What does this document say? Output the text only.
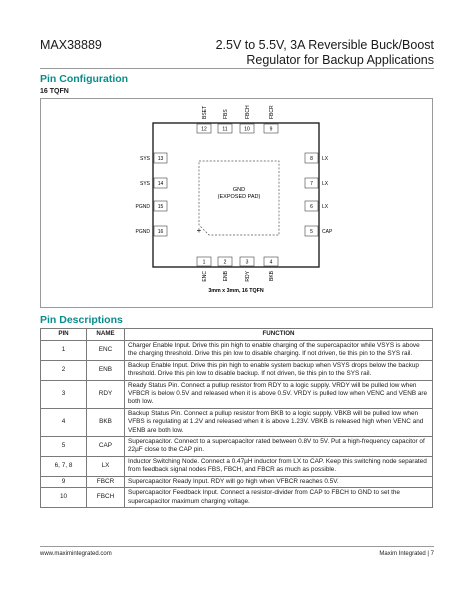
MAX38889	2.5V to 5.5V, 3A Reversible Buck/Boost Regulator for Backup Applications
Pin Configuration
16 TQFN
GND
(EXPOSED PAD)
+
12
BSET
11
FBS
10
FBCH
9
FBCR
1
ENC
2
ENB
3
RDY
4
BKB
13
SYS
14
SYS
15
PGND
16
PGND
8 LX
7 LX
6 LX
5 CAP
3mm x 3mm, 16 TQFN
Pin Descriptions
PIN	NAME	FUNCTION
1	ENC	Charger Enable Input. Drive this pin high to enable charging of the supercapacitor while VSYS is above the charging threshold. Drive this pin low to disable charging. If not driven, tie this pin to the SYS rail.
2	ENB	Backup Enable Input. Drive this pin high to enable system backup when VSYS drops below the backup threshold. Drive this pin low to disable backup. If not driven, tie this pin to the SYS rail.
3	RDY	Ready Status Pin. Connect a pullup resistor from RDY to a logic supply. VRDY will be pulled low when VFBCR is below 0.5V and released when it is above 0.5V. VRDY is pulled low when VENC and VENB are both low.
4	BKB	Backup Status Pin. Connect a pullup resistor from BKB to a logic supply. VBKB will be pulled low when VFBS is regulating at 1.2V and released when it is above 1.23V. VBKB is released high when VENC and VENB are both low.
5	CAP	Supercapacitor. Connect to a supercapacitor rated between 0.8V to 5V. Put a high-frequency capacitor of 22µF close to the CAP pin.
6, 7, 8	LX	Inductor Switching Node. Connect a 0.47µH inductor from LX to CAP. Keep this switching node separated from feedback signal nodes FBS, FBCH, and FBCR as much as possible.
9	FBCR	Supercapacitor Ready Input. RDY will go high when VFBCR reaches 0.5V.
10	FBCH	Supercapacitor Feedback Input. Connect a resistor-divider from CAP to FBCH to GND to set the supercapacitor maximum charging voltage.
www.maximintegrated.com	Maxim Integrated | 7
